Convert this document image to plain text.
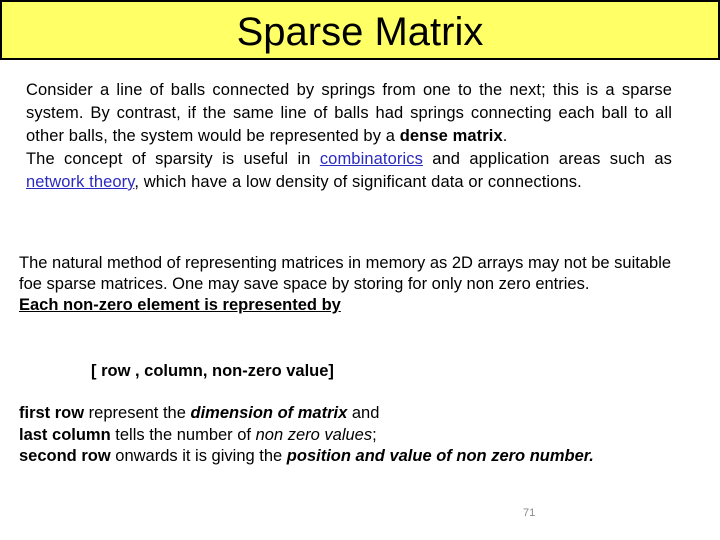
Sparse Matrix
Consider a line of balls connected by springs from one to the next; this is a sparse system. By contrast, if the same line of balls had springs connecting each ball to all other balls, the system would be represented by a dense matrix.
The concept of sparsity is useful in combinatorics and application areas such as network theory, which have a low density of significant data or connections.
The natural method of representing matrices in memory as 2D arrays may not be suitable foe sparse matrices. One may save space by storing for only non zero entries.
Each non-zero element is represented by
[ row , column, non-zero value]
first row represent the dimension of matrix and
last column tells the number of non zero values;
second row onwards it is giving the position and value of non zero number.
71
